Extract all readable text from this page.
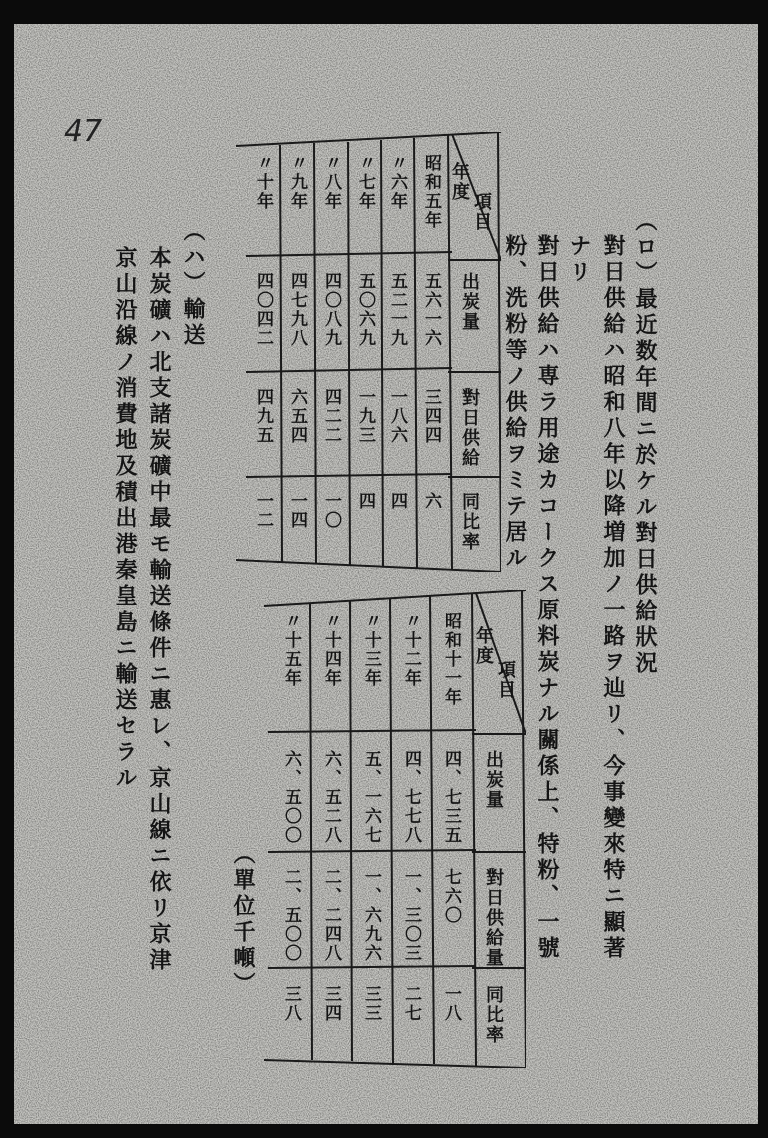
47
（ロ）最近数年間ニ於ケル對日供給狀況
對日供給ハ昭和八年以降増加ノ一路ヲ辿リ、今事變來特ニ顯著
ナリ
對日供給ハ専ラ用途カコークス原料炭ナル關係上、特粉、一號
粉、洗粉等ノ供給ヲミテ居ル
項目
年度
出炭量
對日供給
同比率
昭和五年
五六一六
三四四
六
〃六年
五二一九
一八六
四
〃七年
五〇六九
一九三
四
〃八年
四〇八九
四二二
一〇
〃九年
四七九八
六五四
一四
〃十年
四〇四二
四九五
一二
項目
年度
出炭量
對日供給量
同比率
昭和十一年
四、七三五
七六〇
一八
〃十二年
四、七七八
一、三〇三
二七
〃十三年
五、一六七
一、六九六
三三
〃十四年
六、五二八
二、二四八
三四
〃十五年
六、五〇〇
二、五〇〇
三八
（單位千噸）
（ハ）輸送
本炭礦ハ北支諸炭礦中最モ輸送條件ニ惠レ、京山線ニ依リ京津
京山沿線ノ消費地及積出港秦皇島ニ輸送セラル
